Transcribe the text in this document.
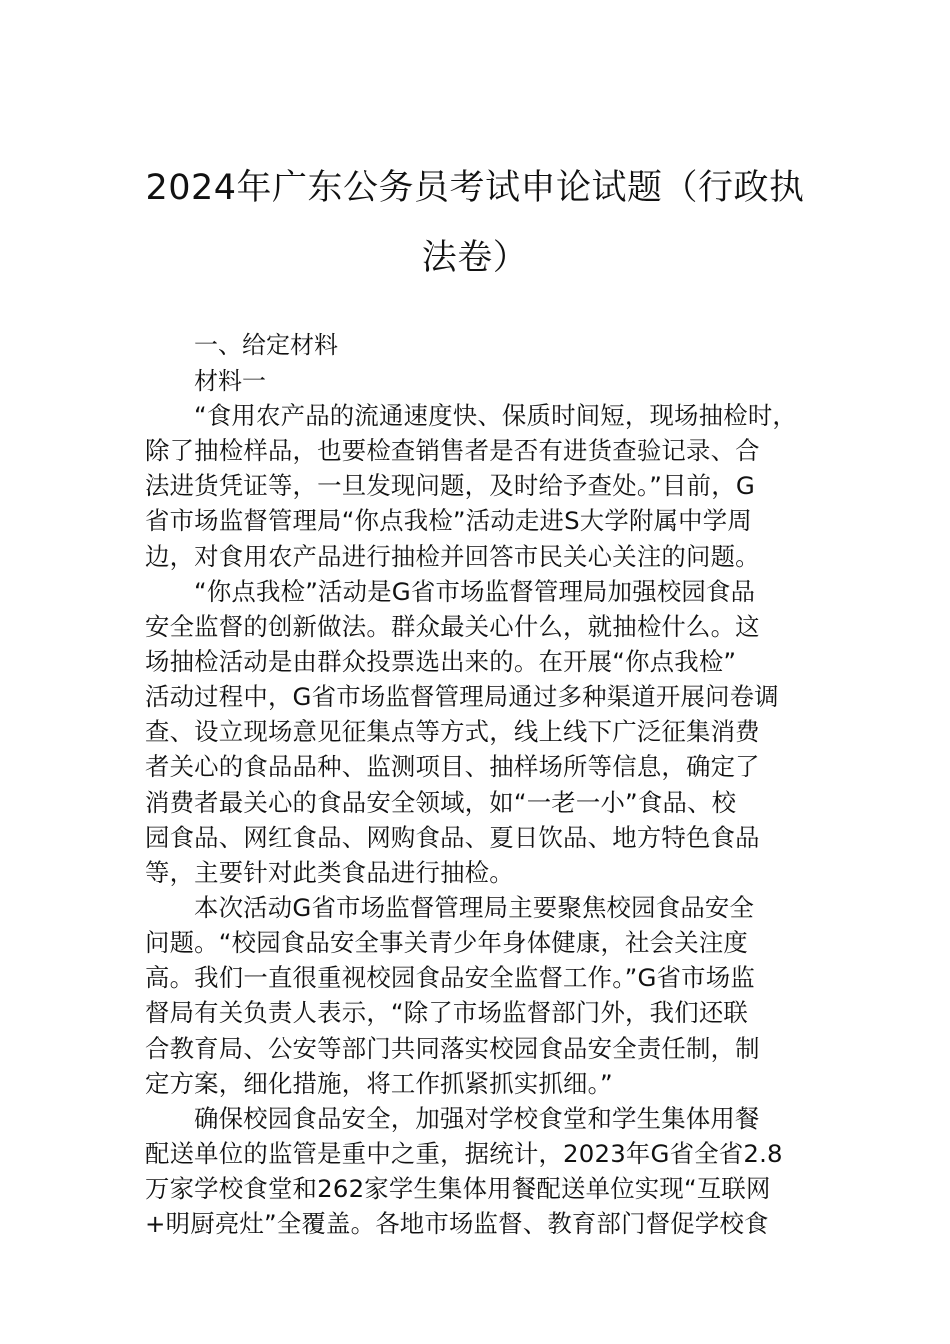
2024年广东公务员考试申论试题（行政执
法卷）
一、给定材料
材料一
“食用农产品的流通速度快、保质时间短，现场抽检时，
除了抽检样品，也要检查销售者是否有进货查验记录、合
法进货凭证等，一旦发现问题，及时给予查处。”目前，G
省市场监督管理局“你点我检”活动走进S大学附属中学周
边，对食用农产品进行抽检并回答市民关心关注的问题。
“你点我检”活动是G省市场监督管理局加强校园食品
安全监督的创新做法。群众最关心什么，就抽检什么。这
场抽检活动是由群众投票选出来的。在开展“你点我检”
活动过程中，G省市场监督管理局通过多种渠道开展问卷调
查、设立现场意见征集点等方式，线上线下广泛征集消费
者关心的食品品种、监测项目、抽样场所等信息，确定了
消费者最关心的食品安全领域，如“一老一小”食品、校
园食品、网红食品、网购食品、夏日饮品、地方特色食品
等，主要针对此类食品进行抽检。
本次活动G省市场监督管理局主要聚焦校园食品安全
问题。“校园食品安全事关青少年身体健康，社会关注度
高。我们一直很重视校园食品安全监督工作。”G省市场监
督局有关负责人表示，“除了市场监督部门外，我们还联
合教育局、公安等部门共同落实校园食品安全责任制，制
定方案，细化措施，将工作抓紧抓实抓细。”
确保校园食品安全，加强对学校食堂和学生集体用餐
配送单位的监管是重中之重，据统计，2023年G省全省2.8
万家学校食堂和262家学生集体用餐配送单位实现“互联网
+明厨亮灶”全覆盖。各地市场监督、教育部门督促学校食
